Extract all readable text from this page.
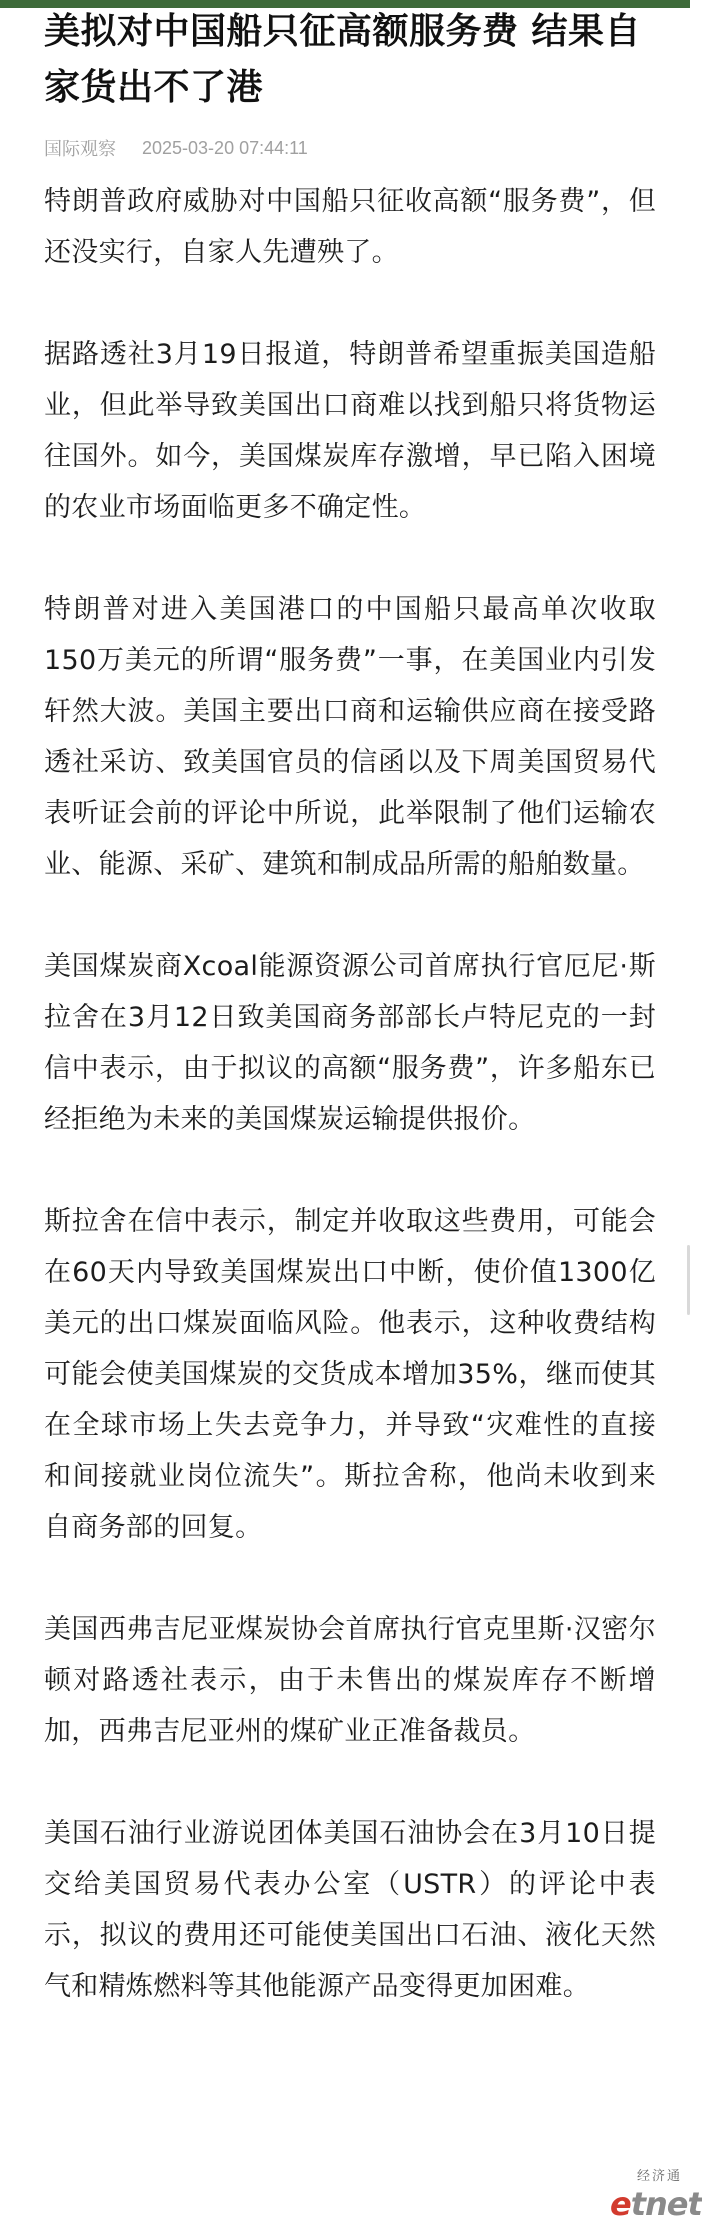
美拟对中国船只征高额服务费 结果自家货出不了港
国际观察 2025-03-20 07:44:11

特朗普政府威胁对中国船只征收高额“服务费”，但还没实行，自家人先遭殃了。

据路透社3月19日报道，特朗普希望重振美国造船业，但此举导致美国出口商难以找到船只将货物运往国外。如今，美国煤炭库存激增，早已陷入困境的农业市场面临更多不确定性。

特朗普对进入美国港口的中国船只最高单次收取150万美元的所谓“服务费”一事，在美国业内引发轩然大波。美国主要出口商和运输供应商在接受路透社采访、致美国官员的信函以及下周美国贸易代表听证会前的评论中所说，此举限制了他们运输农业、能源、采矿、建筑和制成品所需的船舶数量。

美国煤炭商Xcoal能源资源公司首席执行官厄尼·斯拉舍在3月12日致美国商务部部长卢特尼克的一封信中表示，由于拟议的高额“服务费”，许多船东已经拒绝为未来的美国煤炭运输提供报价。

斯拉舍在信中表示，制定并收取这些费用，可能会在60天内导致美国煤炭出口中断，使价值1300亿美元的出口煤炭面临风险。他表示，这种收费结构可能会使美国煤炭的交货成本增加35%，继而使其在全球市场上失去竞争力，并导致“灾难性的直接和间接就业岗位流失”。斯拉舍称，他尚未收到来自商务部的回复。

美国西弗吉尼亚煤炭协会首席执行官克里斯·汉密尔顿对路透社表示，由于未售出的煤炭库存不断增加，西弗吉尼亚州的煤矿业正准备裁员。

美国石油行业游说团体美国石油协会在3月10日提交给美国贸易代表办公室（USTR）的评论中表示，拟议的费用还可能使美国出口石油、液化天然气和精炼燃料等其他能源产品变得更加困难。

经济通
etnet
